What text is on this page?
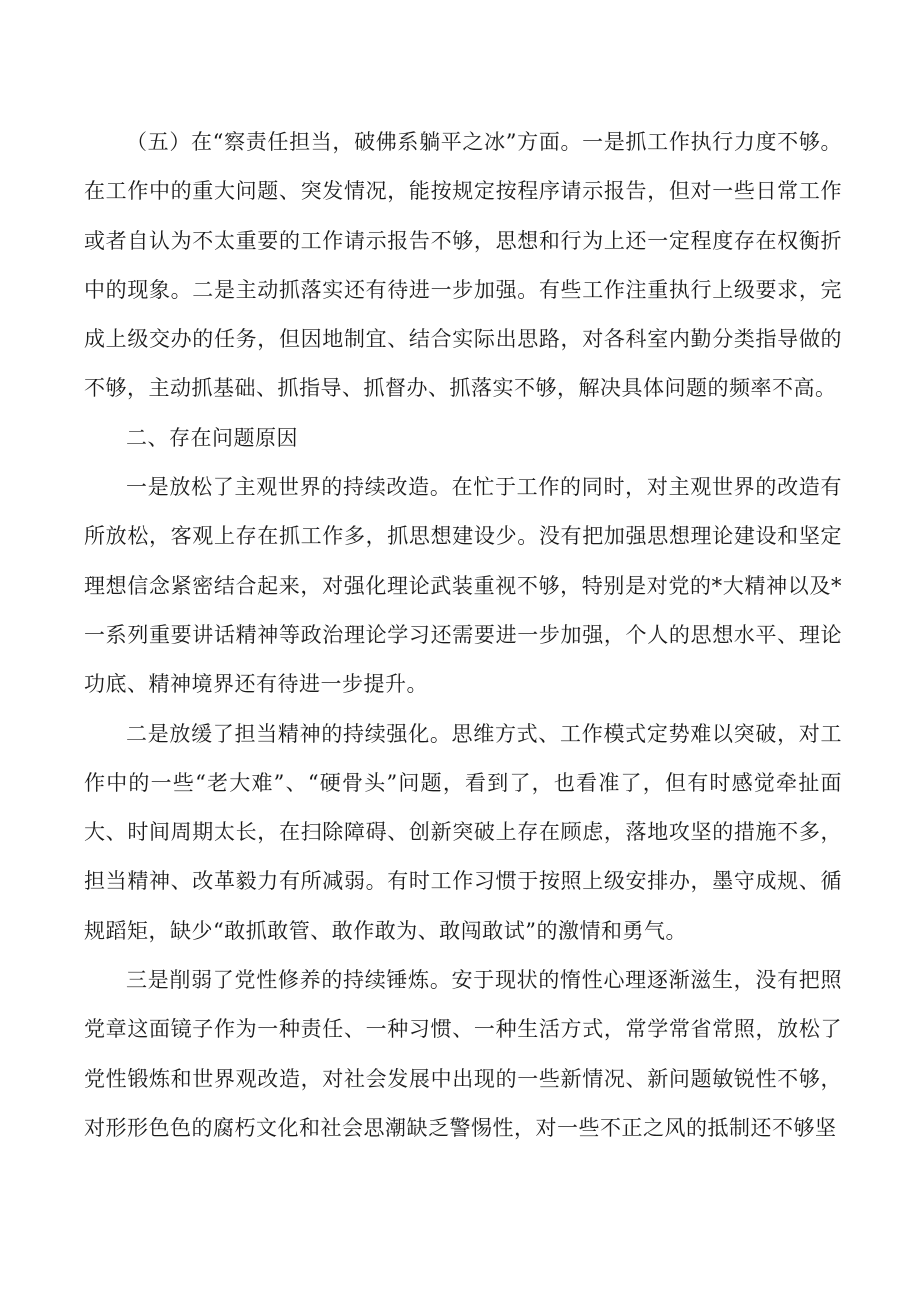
（五）在“察责任担当，破佛系躺平之冰”方面。一是抓工作执行力度不够。在工作中的重大问题、突发情况，能按规定按程序请示报告，但对一些日常工作或者自认为不太重要的工作请示报告不够，思想和行为上还一定程度存在权衡折中的现象。二是主动抓落实还有待进一步加强。有些工作注重执行上级要求，完成上级交办的任务，但因地制宜、结合实际出思路，对各科室内勤分类指导做的不够，主动抓基础、抓指导、抓督办、抓落实不够，解决具体问题的频率不高。

二、存在问题原因

一是放松了主观世界的持续改造。在忙于工作的同时，对主观世界的改造有所放松，客观上存在抓工作多，抓思想建设少。没有把加强思想理论建设和坚定理想信念紧密结合起来，对强化理论武装重视不够，特别是对党的*大精神以及*一系列重要讲话精神等政治理论学习还需要进一步加强，个人的思想水平、理论功底、精神境界还有待进一步提升。

二是放缓了担当精神的持续强化。思维方式、工作模式定势难以突破，对工作中的一些“老大难”、“硬骨头”问题，看到了，也看准了，但有时感觉牵扯面大、时间周期太长，在扫除障碍、创新突破上存在顾虑，落地攻坚的措施不多，担当精神、改革毅力有所减弱。有时工作习惯于按照上级安排办，墨守成规、循规蹈矩，缺少“敢抓敢管、敢作敢为、敢闯敢试”的激情和勇气。

三是削弱了党性修养的持续锤炼。安于现状的惰性心理逐渐滋生，没有把照党章这面镜子作为一种责任、一种习惯、一种生活方式，常学常省常照，放松了党性锻炼和世界观改造，对社会发展中出现的一些新情况、新问题敏锐性不够，对形形色色的腐朽文化和社会思潮缺乏警惕性，对一些不正之风的抵制还不够坚
